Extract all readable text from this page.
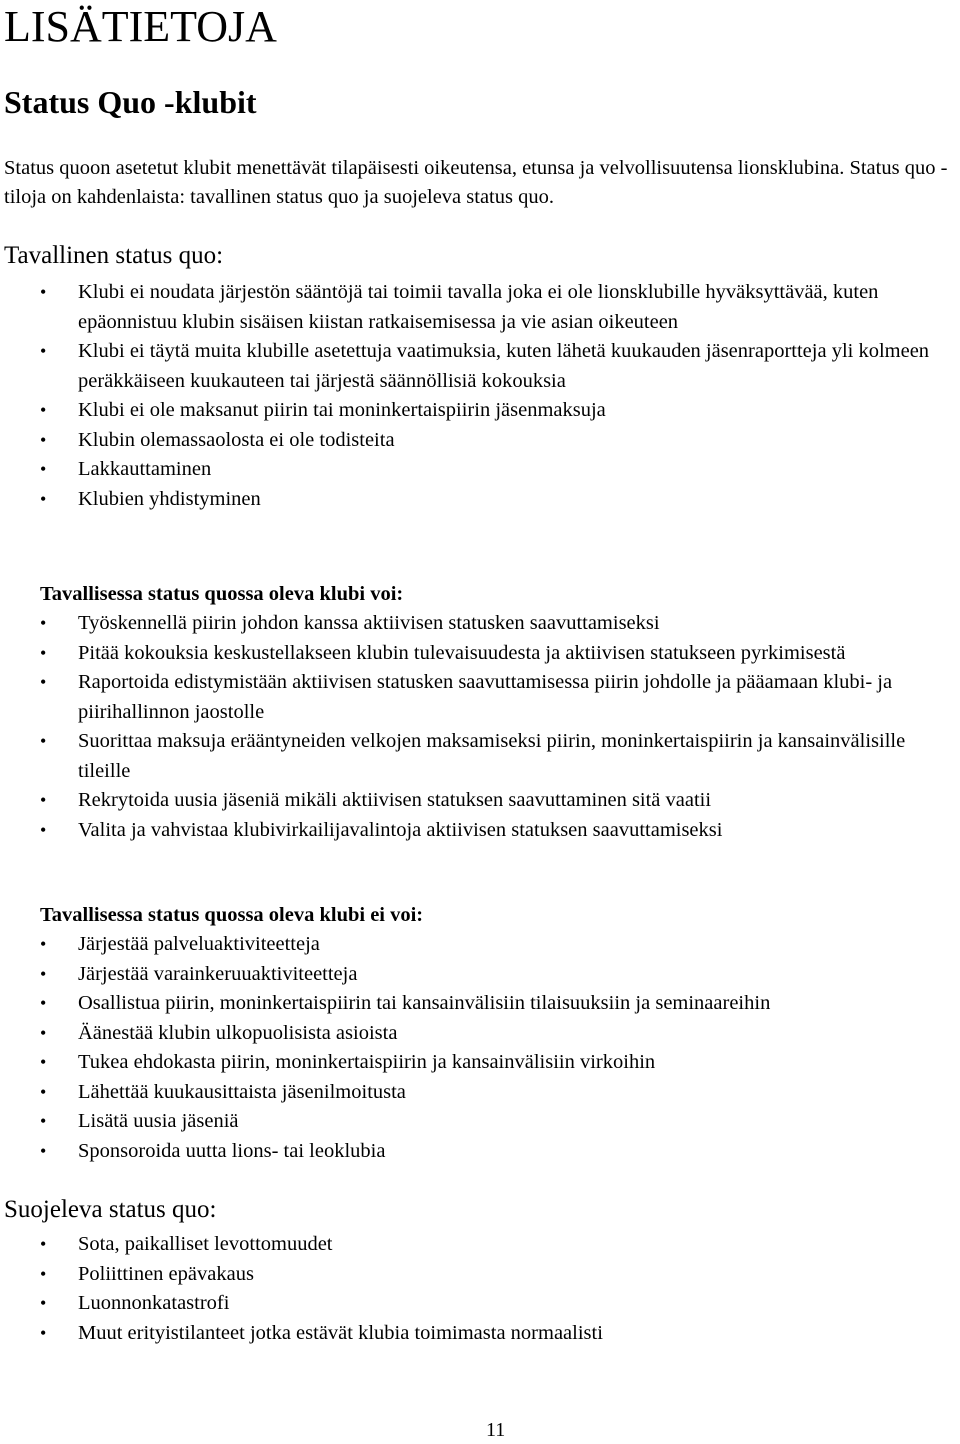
LISÄTIETOJA
Status Quo -klubit

Status quoon asetetut klubit menettävät tilapäisesti oikeutensa, etunsa ja velvollisuutensa lionsklubina. Status quo -tiloja on kahdenlaista: tavallinen status quo ja suojeleva status quo.

Tavallinen status quo:
• Klubi ei noudata järjestön sääntöjä tai toimii tavalla joka ei ole lionsklubille hyväksyttävää, kuten epäonnistuu klubin sisäisen kiistan ratkaisemisessa ja vie asian oikeuteen
• Klubi ei täytä muita klubille asetettuja vaatimuksia, kuten lähetä kuukauden jäsenraportteja yli kolmeen peräkkäiseen kuukauteen tai järjestä säännöllisiä kokouksia
• Klubi ei ole maksanut piirin tai moninkertaispiirin jäsenmaksuja
• Klubin olemassaolosta ei ole todisteita
• Lakkauttaminen
• Klubien yhdistyminen
Tavallisessa status quossa oleva klubi voi:
• Työskennellä piirin johdon kanssa aktiivisen statusken saavuttamiseksi
• Pitää kokouksia keskustellakseen klubin tulevaisuudesta ja aktiivisen statukseen pyrkimisestä
• Raportoida edistymistään aktiivisen statusken saavuttamisessa piirin johdolle ja pääamaan klubi- ja piirihallinnon jaostolle
• Suorittaa maksuja erääntyneiden velkojen maksamiseksi piirin, moninkertaispiirin ja kansainvälisille tileille
• Rekrytoida uusia jäseniä mikäli aktiivisen statuksen saavuttaminen sitä vaatii
• Valita ja vahvistaa klubivirkailijavalintoja aktiivisen statuksen saavuttamiseksi
Tavallisessa status quossa oleva klubi ei voi:
• Järjestää palveluaktiviteetteja
• Järjestää varainkeruuaktiviteetteja
• Osallistua piirin, moninkertaispiirin tai kansainvälisiin tilaisuuksiin ja seminaareihin
• Äänestää klubin ulkopuolisista asioista
• Tukea ehdokasta piirin, moninkertaispiirin ja kansainvälisiin virkoihin
• Lähettää kuukausittaista jäsenilmoitusta
• Lisätä uusia jäseniä
• Sponsoroida uutta lions- tai leoklubia
Suojeleva status quo:
• Sota, paikalliset levottomuudet
• Poliittinen epävakaus
• Luonnonkatastrofi
• Muut erityistilanteet jotka estävät klubia toimimasta normaalisti

11
